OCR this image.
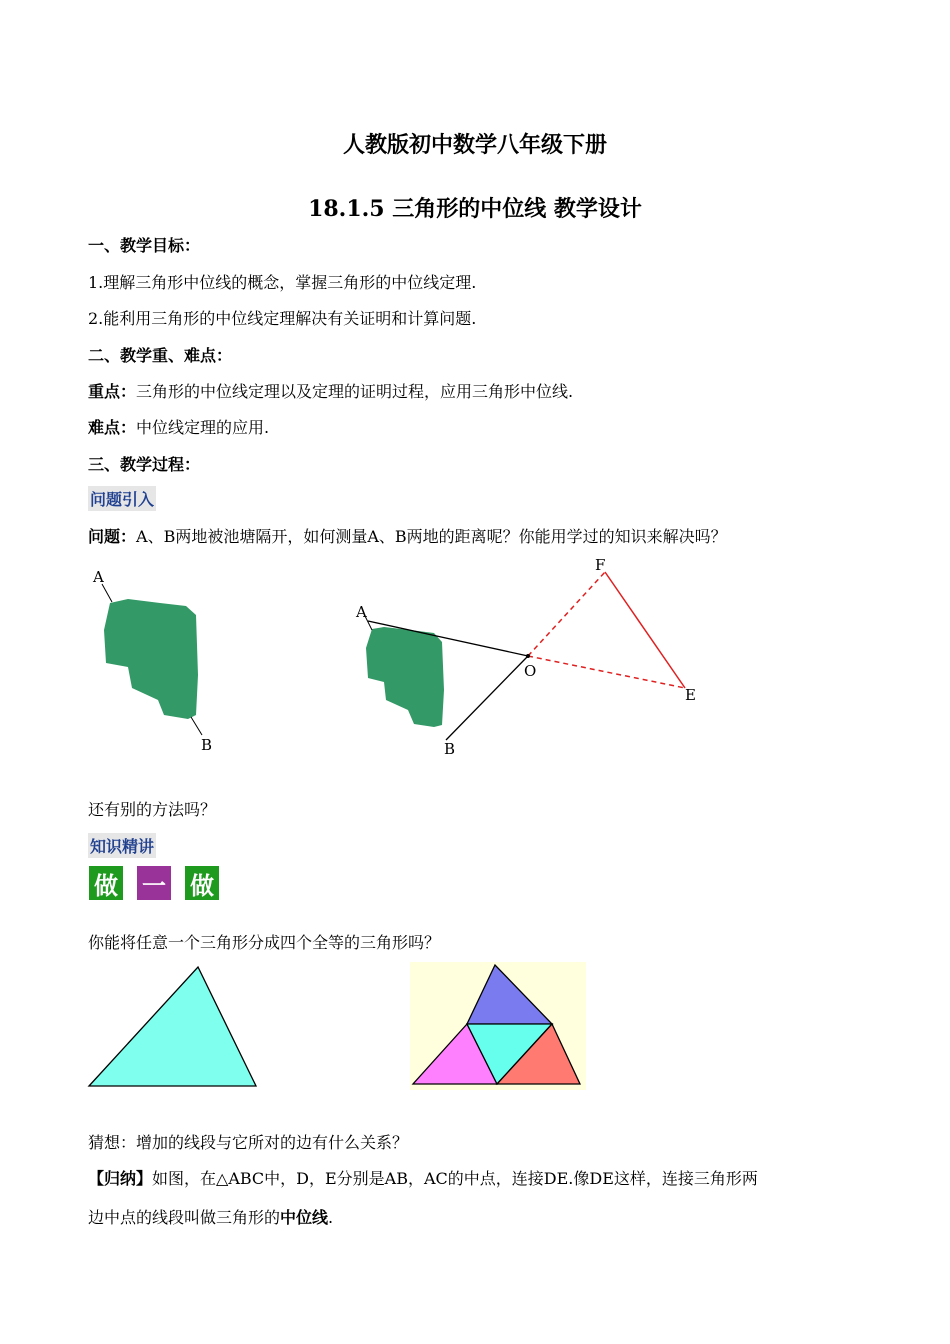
人教版初中数学八年级下册
18.1.5 三角形的中位线 教学设计
一、教学目标：
1.理解三角形中位线的概念，掌握三角形的中位线定理.
2.能利用三角形的中位线定理解决有关证明和计算问题.
二、教学重、难点：
重点：三角形的中位线定理以及定理的证明过程，应用三角形中位线.
难点：中位线定理的应用.
三、教学过程：
问题引入
问题：A、B两地被池塘隔开，如何测量A、B两地的距离呢？你能用学过的知识来解决吗？
A
B
A
B
O
E
F
还有别的方法吗？
知识精讲
做 一 做
你能将任意一个三角形分成四个全等的三角形吗？
猜想：增加的线段与它所对的边有什么关系？
【归纳】如图，在△ABC中，D，E分别是AB，AC的中点，连接DE.像DE这样，连接三角形两
边中点的线段叫做三角形的中位线.
